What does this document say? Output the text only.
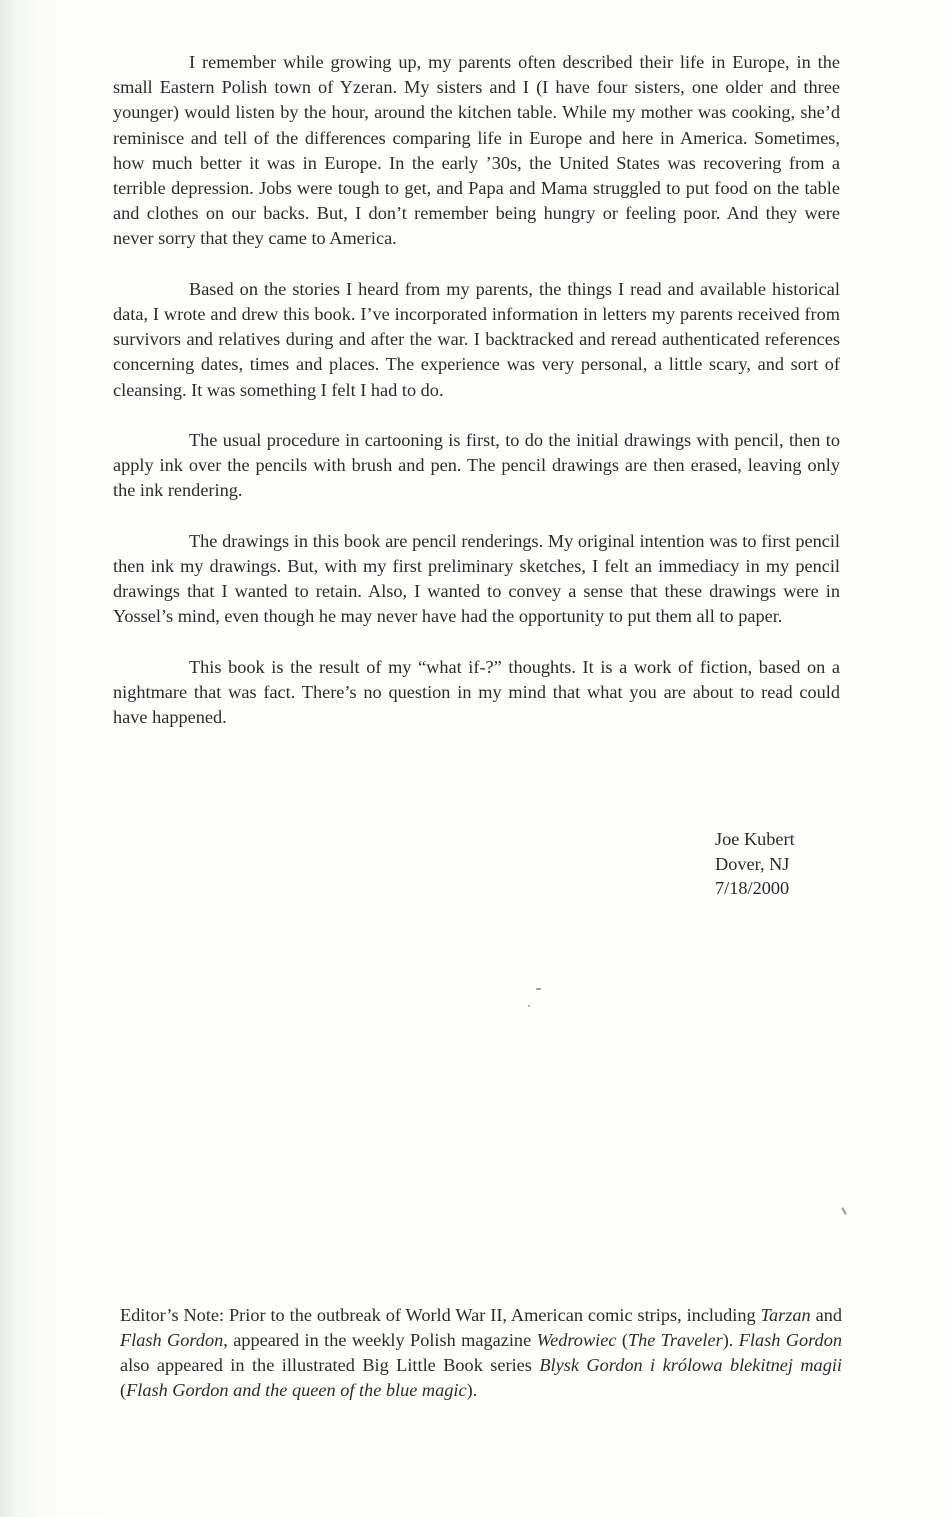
I remember while growing up, my parents often described their life in Europe, in the small Eastern Polish town of Yzeran. My sisters and I (I have four sisters, one older and three younger) would listen by the hour, around the kitchen table. While my mother was cooking, she’d reminisce and tell of the differences comparing life in Europe and here in America. Sometimes, how much better it was in Europe. In the early ’30s, the United States was recovering from a terrible depression. Jobs were tough to get, and Papa and Mama struggled to put food on the table and clothes on our backs. But, I don’t remember being hungry or feeling poor. And they were never sorry that they came to America.

Based on the stories I heard from my parents, the things I read and available historical data, I wrote and drew this book. I’ve incorporated information in letters my parents received from survivors and relatives during and after the war. I backtracked and reread authenticated references concerning dates, times and places. The experience was very personal, a little scary, and sort of cleansing. It was something I felt I had to do.

The usual procedure in cartooning is first, to do the initial drawings with pencil, then to apply ink over the pencils with brush and pen. The pencil drawings are then erased, leaving only the ink rendering.

The drawings in this book are pencil renderings. My original intention was to first pencil then ink my drawings. But, with my first preliminary sketches, I felt an immediacy in my pencil drawings that I wanted to retain. Also, I wanted to convey a sense that these drawings were in Yossel’s mind, even though he may never have had the opportunity to put them all to paper.

This book is the result of my “what if-?” thoughts. It is a work of fiction, based on a nightmare that was fact. There’s no question in my mind that what you are about to read could have happened.

Joe Kubert
Dover, NJ
7/18/2000
Editor’s Note: Prior to the outbreak of World War II, American comic strips, including Tarzan and Flash Gordon, appeared in the weekly Polish magazine Wedrowiec (The Traveler). Flash Gordon also appeared in the illustrated Big Little Book series Blysk Gordon i królowa blekitnej magii (Flash Gordon and the queen of the blue magic).
